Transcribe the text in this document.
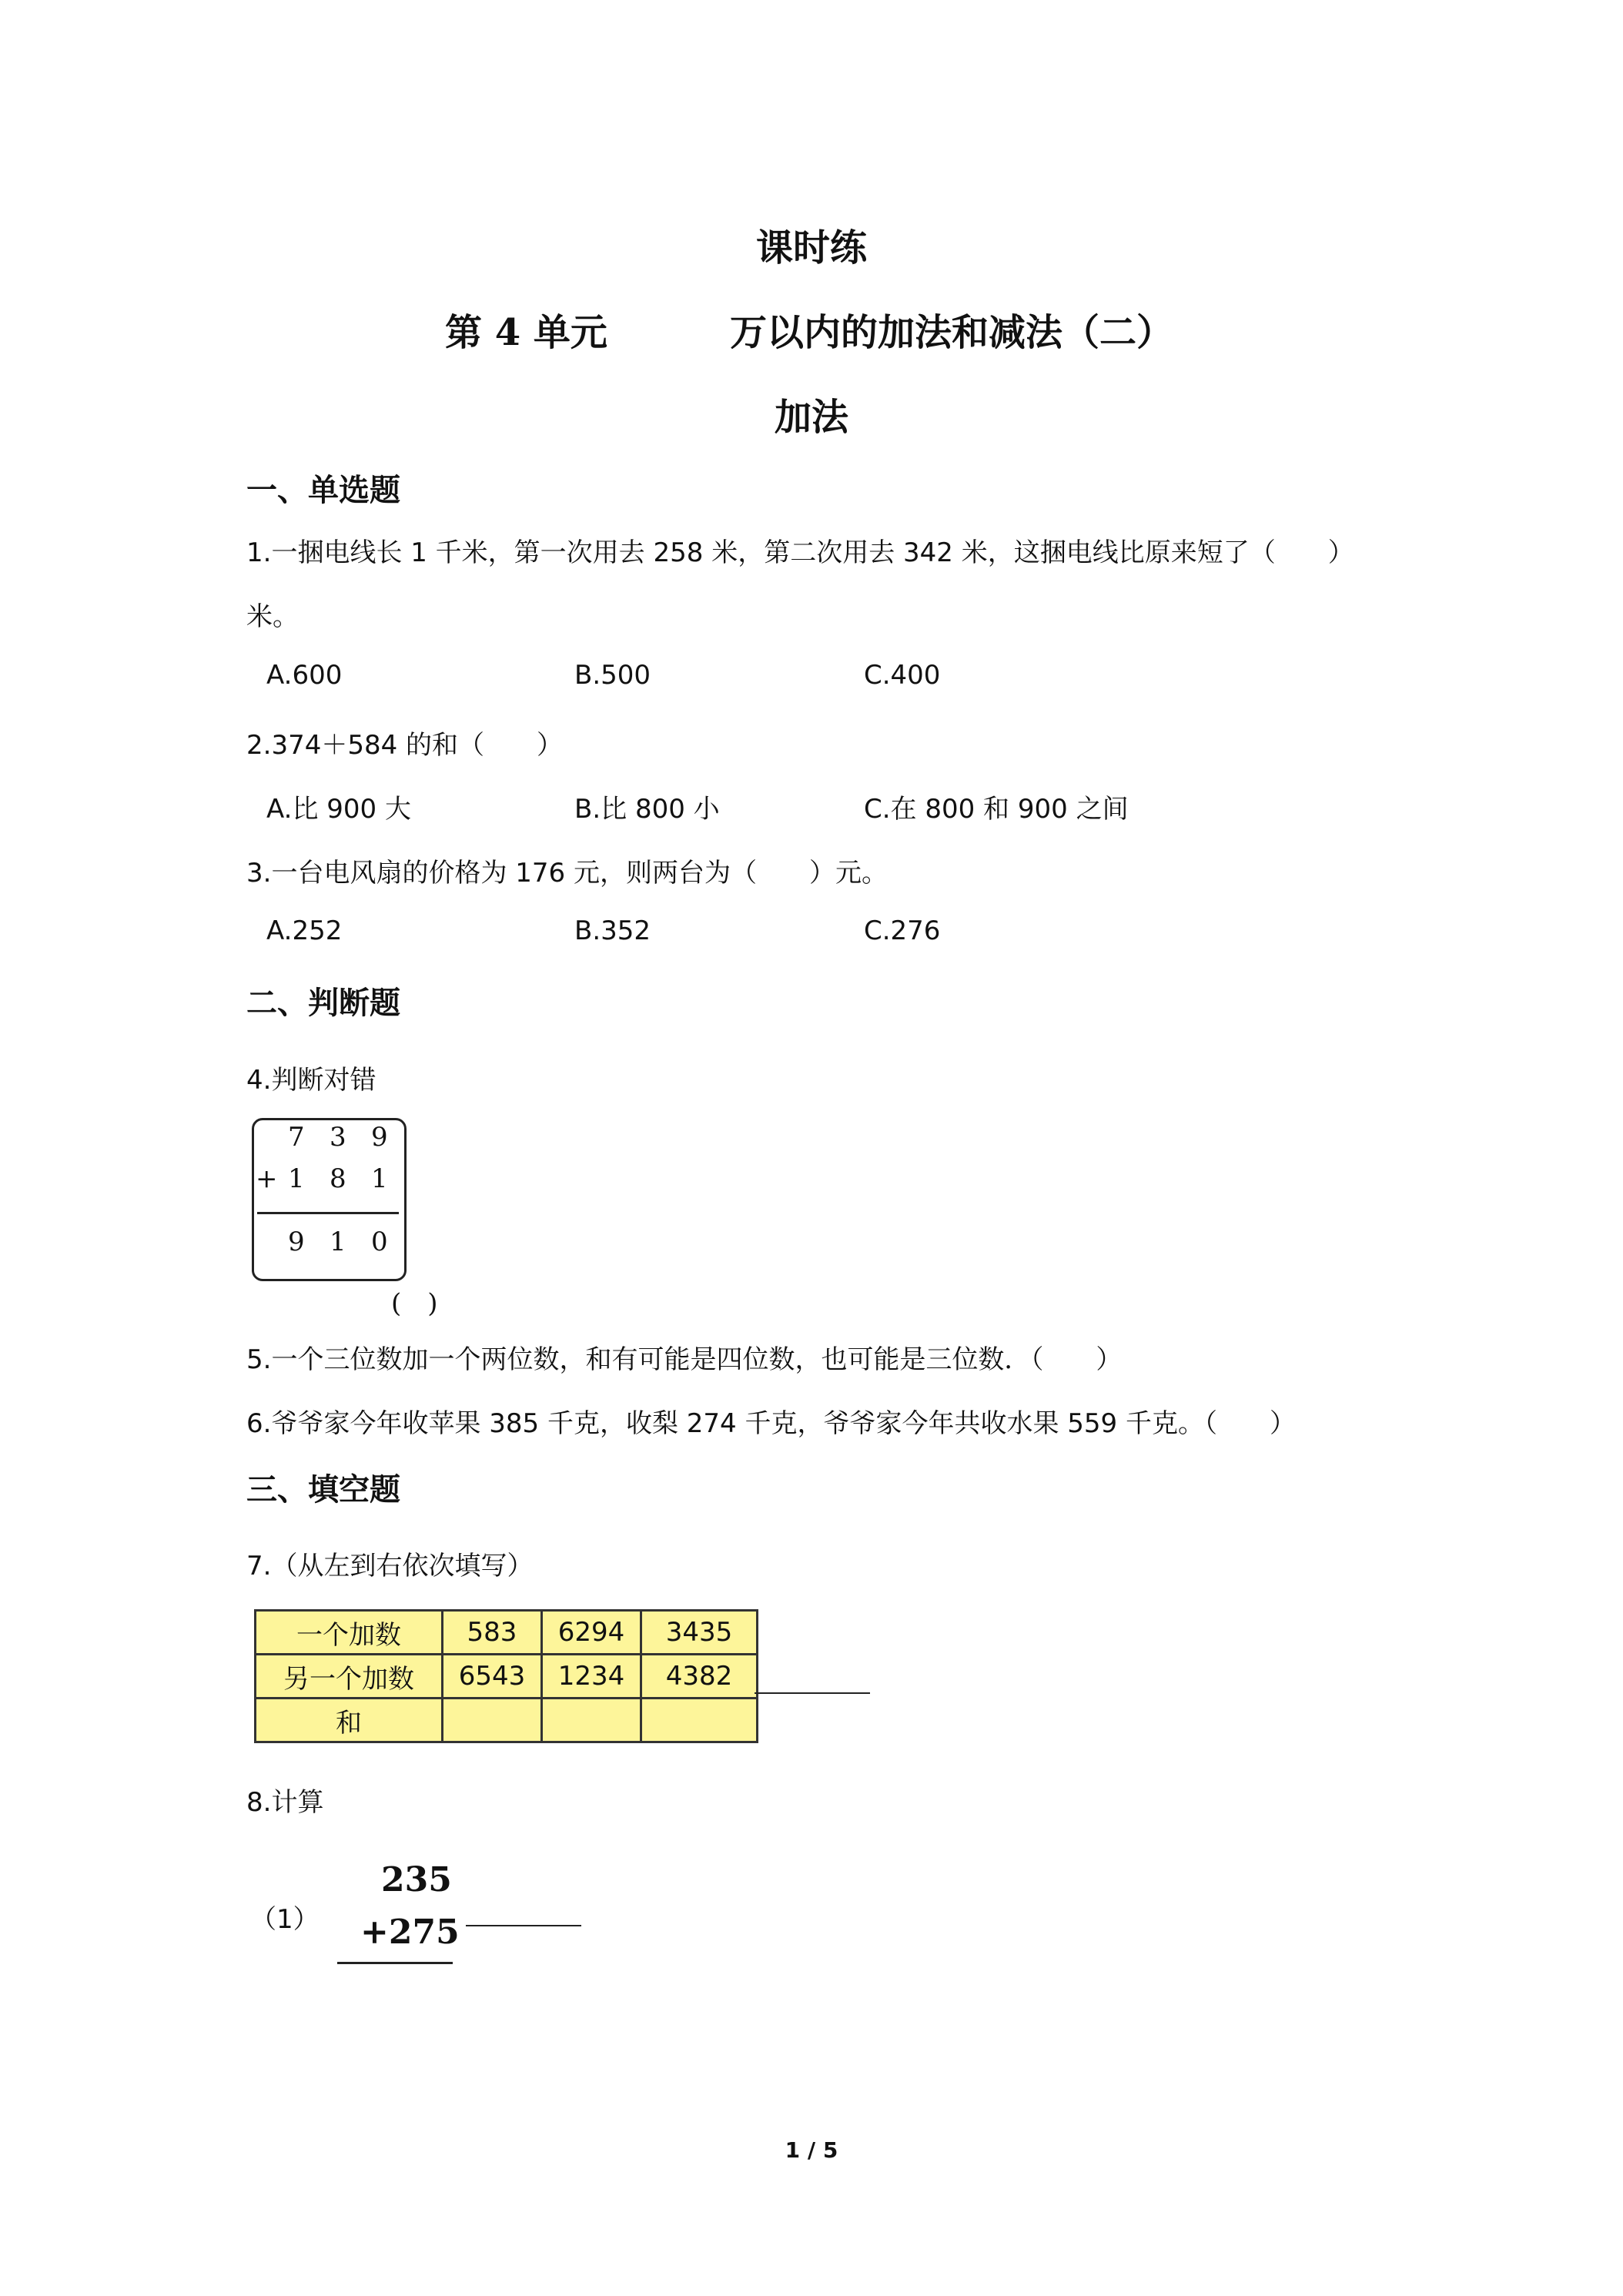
课时练
第 4 单元	万以内的加法和减法（二）
加法
一、单选题
1.一捆电线长 1 千米，第一次用去 258 米，第二次用去 342 米，这捆电线比原来短了（　　）
米。
A.600	B.500	C.400
2.374＋584 的和（　　）
A.比 900 大	B.比 800 小	C.在 800 和 900 之间
3.一台电风扇的价格为 176 元，则两台为（　　）元。
A.252	B.352	C.276
二、判断题
4.判断对错
7 3 9
+ 1 8 1
9 1 0
(　)
5.一个三位数加一个两位数，和有可能是四位数，也可能是三位数．（　　）
6.爷爷家今年收苹果 385 千克，收梨 274 千克，爷爷家今年共收水果 559 千克。（　　）
三、填空题
7.（从左到右依次填写）
一个加数	583	6294	3435
另一个加数	6543	1234	4382
和			
8.计算
（1）
235
+275
1 / 5
